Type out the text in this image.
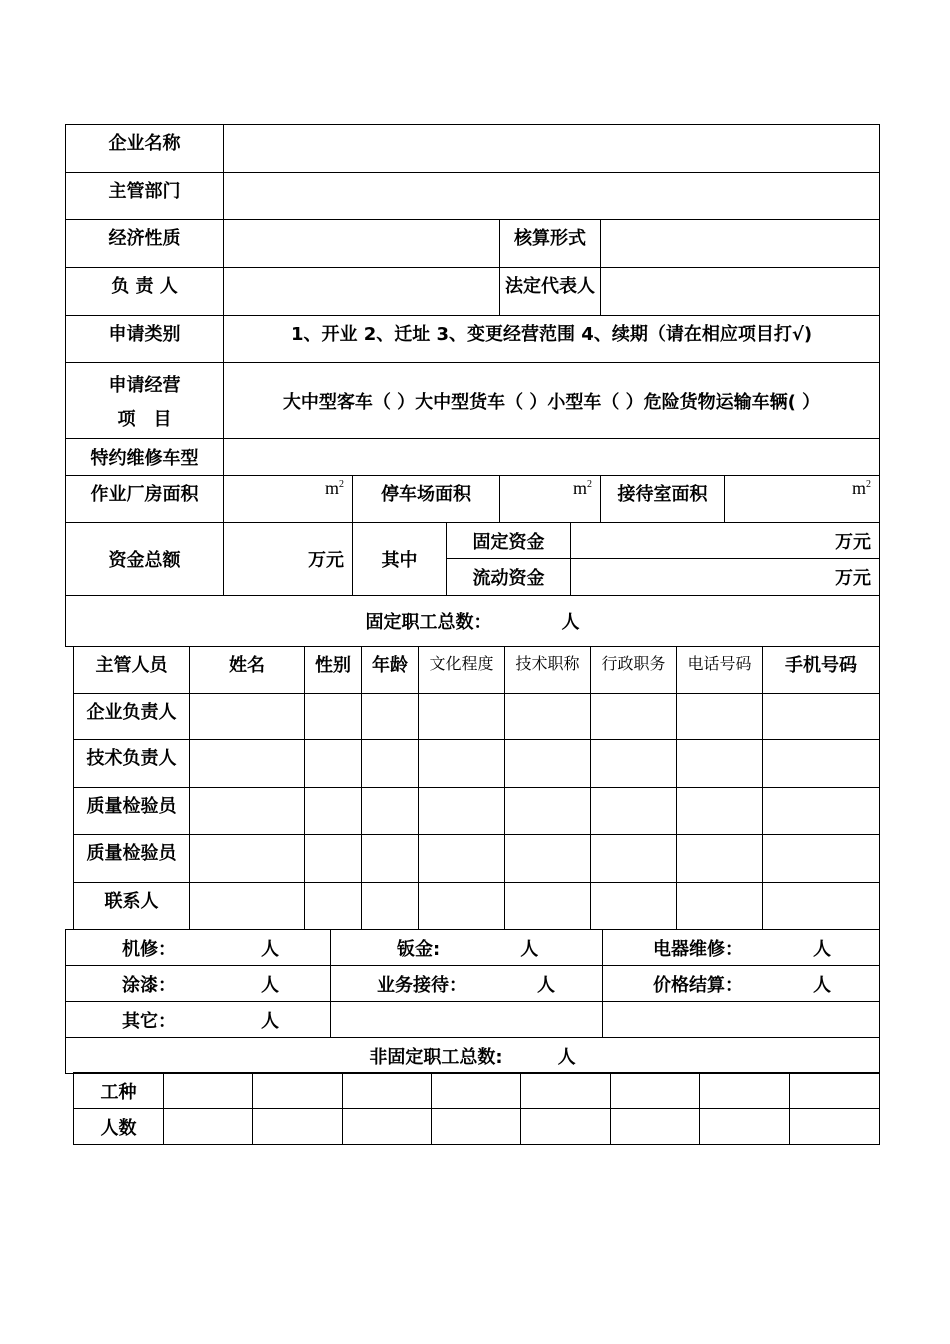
企业名称							
主管部门							
经济性质				核算形式			
负 责 人				法定代表人			
申请类别	1、开业 2、迁址 3、变更经营范围 4、续期（请在相应项目打√)						

申请经营
项　目	大中型客车（ ）大中型货车（ ）小型车（ ）危险货物运输车辆( ）						
特约维修车型							
作业厂房面积	$m^2$	停车场面积		$m^2$		接待室面积	$m^2$
资金总额	万元	其中	固定资金		万元		
			流动资金		万元		
固定职工总数： 人							
主管人员	姓名	性别	年龄	文化程度	技术职称	行政职务	电话号码	手机号码
企业负责人								
技术负责人								
质量检验员								
质量检验员								
联系人								
机修： 人	钣金: 人	电器维修： 人

涂漆： 人	业务接待： 人	价格结算： 人

其它： 人		

非固定职工总数: 人		
工种								
人数								
